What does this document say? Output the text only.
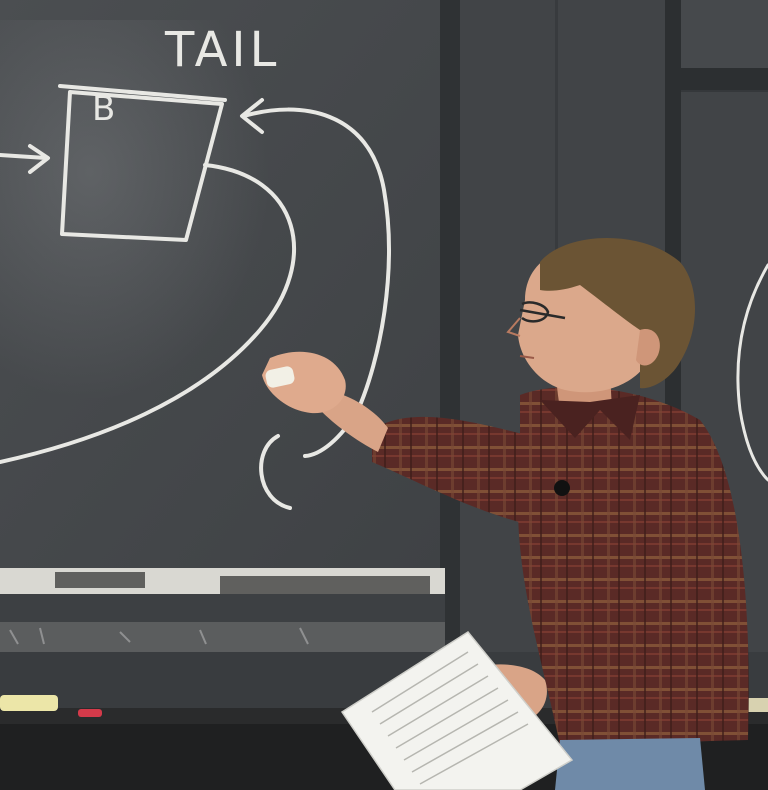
TAIL
B
